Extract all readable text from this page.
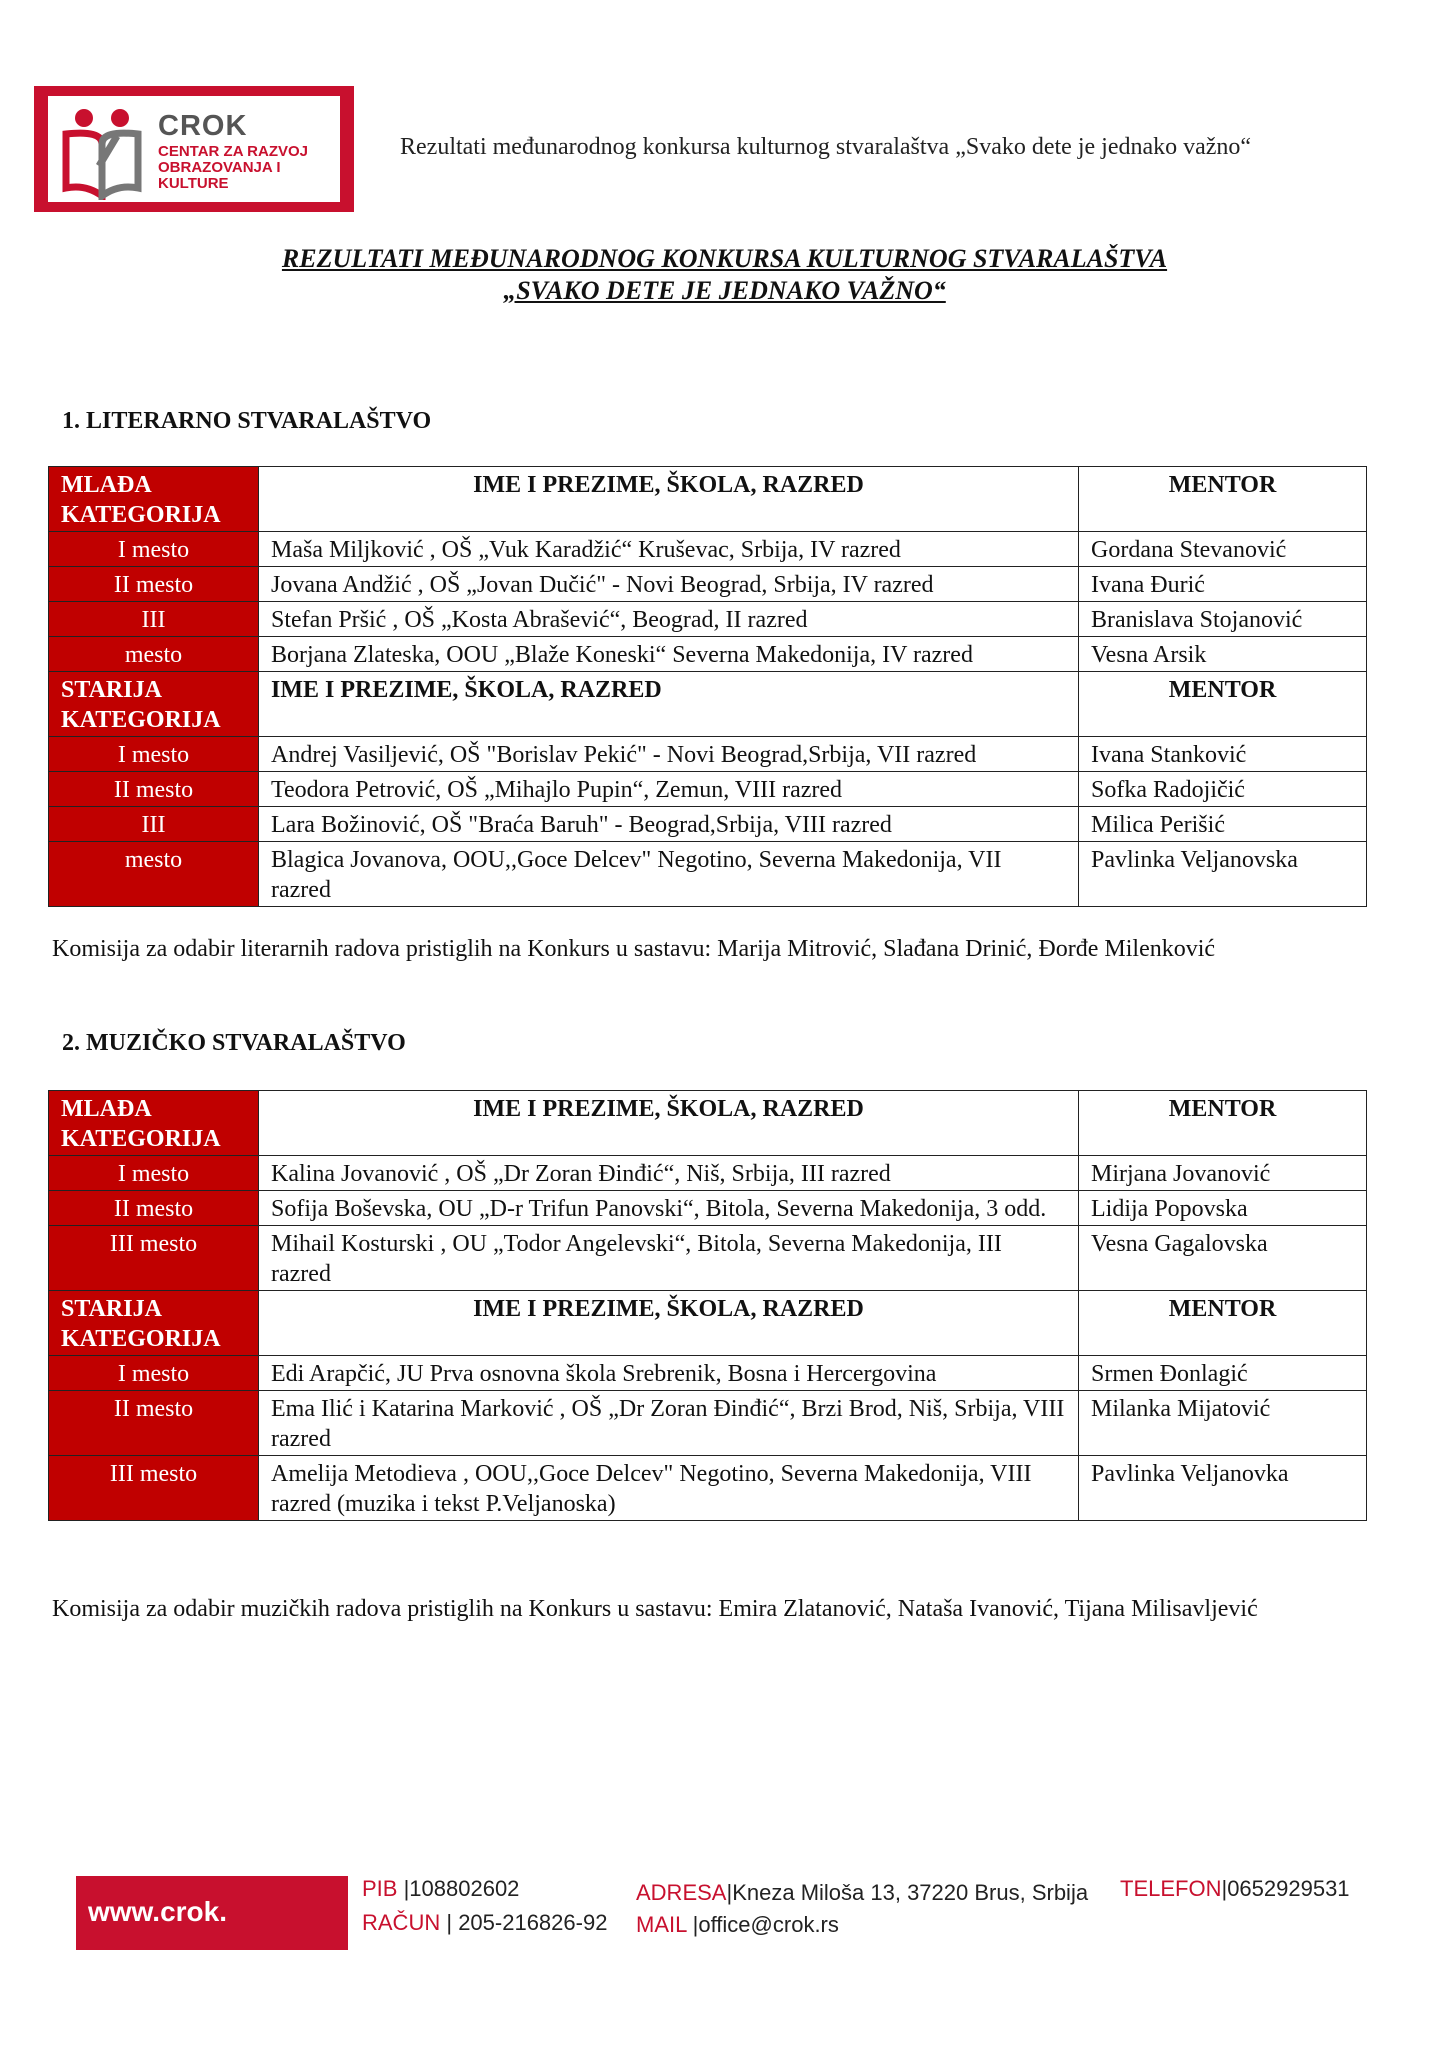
CROK
CENTAR ZA RAZVOJ
OBRAZOVANJA I KULTURE
Rezultati međunarodnog konkursa kulturnog stvaralaštva „Svako dete je jednako važno“
REZULTATI MEĐUNARODNOG KONKURSA KULTURNOG STVARALAŠTVA
„SVAKO DETE JE JEDNAKO VAŽNO“
1. LITERARNO STVARALAŠTVO
MLAĐA
KATEGORIJA	IME I PREZIME, ŠKOLA, RAZRED	MENTOR
I mesto	Maša Miljković , OŠ „Vuk Karadžić“ Kruševac, Srbija, IV razred	Gordana Stevanović
II mesto	Jovana Andžić , OŠ „Jovan Dučić" - Novi Beograd, Srbija, IV razred	Ivana Đurić
III	Stefan Pršić , OŠ „Kosta Abrašević“, Beograd, II razred	Branislava Stojanović
mesto	Borjana Zlateska, OOU „Blaže Koneski“ Severna Makedonija, IV razred	Vesna Arsik
STARIJA
KATEGORIJA	IME I PREZIME, ŠKOLA, RAZRED	MENTOR
I mesto	Andrej Vasiljević, OŠ "Borislav Pekić" - Novi Beograd,Srbija, VII razred	Ivana Stanković
II mesto	Teodora Petrović, OŠ „Mihajlo Pupin“, Zemun, VIII razred	Sofka Radojičić
III	Lara Božinović, OŠ "Braća Baruh" - Beograd,Srbija, VIII razred	Milica Perišić
mesto	Blagica Jovanova, OOU,,Goce Delcev" Negotino, Severna Makedonija, VII razred	Pavlinka Veljanovska
Komisija za odabir literarnih radova pristiglih na Konkurs u sastavu: Marija Mitrović, Slađana Drinić, Đorđe Milenković
2. MUZIČKO STVARALAŠTVO
MLAĐA
KATEGORIJA	IME I PREZIME, ŠKOLA, RAZRED	MENTOR
I mesto	Kalina Jovanović , OŠ „Dr Zoran Đinđić“, Niš, Srbija, III razred	Mirjana Jovanović
II mesto	Sofija Boševska, OU „D-r Trifun Panovski“, Bitola, Severna Makedonija, 3 odd.	Lidija Popovska
III mesto	Mihail Kosturski , OU „Todor Angelevski“, Bitola, Severna Makedonija, III razred	Vesna Gagalovska
STARIJA
KATEGORIJA	IME I PREZIME, ŠKOLA, RAZRED	MENTOR
I mesto	Edi Arapčić, JU Prva osnovna škola Srebrenik, Bosna i Hercergovina	Srmen Đonlagić
II mesto	Ema Ilić i Katarina Marković , OŠ „Dr Zoran Đinđić“, Brzi Brod, Niš, Srbija, VIII razred	Milanka Mijatović
III mesto	Amelija Metodieva , OOU,,Goce Delcev" Negotino, Severna Makedonija, VIII razred (muzika i tekst P.Veljanoska)	Pavlinka Veljanovka
Komisija za odabir muzičkih radova pristiglih na Konkurs u sastavu: Emira Zlatanović, Nataša Ivanović, Tijana Milisavljević
www.crok.
PIB |108802602
RAČUN | 205-216826-92
ADRESA|Kneza Miloša 13, 37220 Brus, Srbija
MAIL |office@crok.rs
TELEFON|0652929531
